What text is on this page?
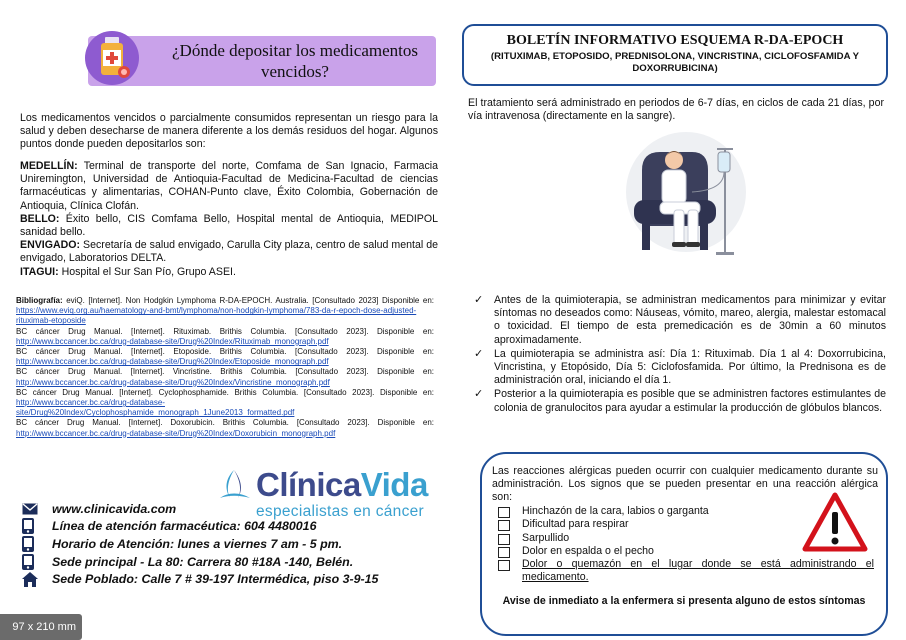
¿Dónde depositar los medicamentos vencidos?
Los medicamentos vencidos o parcialmente consumidos representan un riesgo para la salud y deben desecharse de manera diferente a los demás residuos del hogar. Algunos puntos donde pueden depositarlos son:
MEDELLÍN: Terminal de transporte del norte, Comfama de San Ignacio, Farmacia Uniremington, Universidad de Antioquia-Facultad de Medicina-Facultad de ciencias farmacéuticas y alimentarias, COHAN-Punto clave, Éxito Colombia, Gobernación de Antioquia, Clínica Clofán.
BELLO: Éxito bello, CIS Comfama Bello, Hospital mental de Antioquia, MEDIPOL sanidad bello.
ENVIGADO: Secretaría de salud envigado, Carulla City plaza, centro de salud mental de envigado, Laboratorios DELTA.
ITAGUI: Hospital el Sur San Pío, Grupo ASEI.
Bibliografía: eviQ. [Internet]. Non Hodgkin Lymphoma R-DA-EPOCH. Australia. [Consultado 2023] Disponible en: https://www.eviq.org.au/haematology-and-bmt/lymphoma/non-hodgkin-lymphoma/783-da-r-epoch-dose-adjusted-rituximab-etoposide
BC cáncer Drug Manual. [Internet]. Rituximab. Brithis Columbia. [Consultado 2023]. Disponible en: http://www.bccancer.bc.ca/drug-database-site/Drug%20Index/Rituximab_monograph.pdf
BC cáncer Drug Manual. [Internet]. Etoposide. Brithis Columbia. [Consultado 2023]. Disponible en: http://www.bccancer.bc.ca/drug-database-site/Drug%20Index/Etoposide_monograph.pdf
BC cáncer Drug Manual. [Internet]. Vincristine. Brithis Columbia. [Consultado 2023]. Disponible en: http://www.bccancer.bc.ca/drug-database-site/Drug%20Index/Vincristine_monograph.pdf
BC cáncer Drug Manual. [Internet]. Cyclophosphamide. Brithis Columbia. [Consultado 2023]. Disponible en: http://www.bccancer.bc.ca/drug-database-site/Drug%20Index/Cyclophosphamide_monograph_1June2013_formatted.pdf
BC cáncer Drug Manual. [Internet]. Doxorubicin. Brithis Columbia. [Consultado 2023]. Disponible en: http://www.bccancer.bc.ca/drug-database-site/Drug%20Index/Doxorubicin_monograph.pdf
ClínicaVida
especialistas en cáncer
www.clinicavida.com
Línea de atención farmacéutica: 604 4480016
Horario de Atención: lunes a viernes 7 am - 5 pm.
Sede principal - La 80: Carrera 80 #18A -140, Belén.
Sede Poblado: Calle 7 # 39-197 Intermédica, piso 3-9-15
97 x 210 mm
BOLETÍN INFORMATIVO ESQUEMA R-DA-EPOCH
(RITUXIMAB, ETOPOSIDO, PREDNISOLONA, VINCRISTINA, CICLOFOSFAMIDA Y DOXORRUBICINA)
El tratamiento será administrado en periodos de 6-7 días, en ciclos de cada 21 días, por vía intravenosa (directamente en la sangre).
✓	Antes de la quimioterapia, se administran medicamentos para minimizar y evitar síntomas no deseados como: Náuseas, vómito, mareo, alergia, malestar estomacal o toxicidad. El tiempo de esta premedicación es de 30min a 60 minutos aproximadamente.
✓	La quimioterapia se administra así: Día 1: Rituximab. Día 1 al 4: Doxorrubicina, Vincristina, y Etopósido, Día 5: Ciclofosfamida. Por último, la Prednisona es de administración oral, iniciando el día 1.
✓	Posterior a la quimioterapia es posible que se administren factores estimulantes de colonia de granulocitos para ayudar a estimular la producción de glóbulos blancos.
Las reacciones alérgicas pueden ocurrir con cualquier medicamento durante su administración. Los signos que se pueden presentar en una reacción alérgica son:
Hinchazón de la cara, labios o garganta
Dificultad para respirar
Sarpullido
Dolor en espalda o el pecho
Dolor o quemazón en el lugar donde se está administrando el medicamento.
Avise de inmediato a la enfermera si presenta alguno de estos síntomas
